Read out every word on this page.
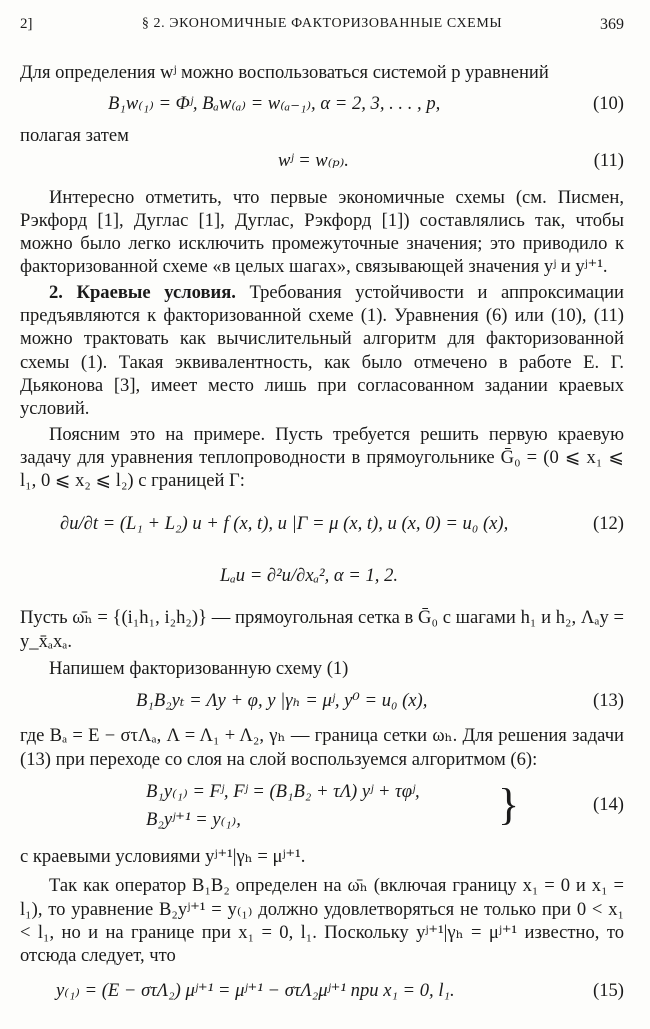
2]	§ 2. ЭКОНОМИЧНЫЕ ФАКТОРИЗОВАННЫЕ СХЕМЫ	369

Для определения wʲ можно воспользоваться системой p уравнений

B₁w₍₁₎ = Φʲ, Bₐw₍ₐ₎ = w₍ₐ₋₁₎, α = 2, 3, . . . , p,	(10)

полагая затем

wʲ = w₍ₚ₎.	(11)

Интересно отметить, что первые экономичные схемы (см. Писмен, Рэкфорд [1], Дуглас [1], Дуглас, Рэкфорд [1]) составлялись так, чтобы можно было легко исключить промежуточные значения; это приводило к факторизованной схеме «в целых шагах», связывающей значения yʲ и yʲ⁺¹.

2. Краевые условия. Требования устойчивости и аппроксимации предъявляются к факторизованной схеме (1). Уравнения (6) или (10), (11) можно трактовать как вычислительный алгоритм для факторизованной схемы (1). Такая эквивалентность, как было отмечено в работе Е. Г. Дьяконова [3], имеет место лишь при согласованном задании краевых условий.

Поясним это на примере. Пусть требуется решить первую краевую задачу для уравнения теплопроводности в прямоугольнике Ḡ₀ = (0 ⩽ x₁ ⩽ l₁, 0 ⩽ x₂ ⩽ l₂) с границей Γ:

∂u/∂t = (L₁ + L₂) u + f (x, t), u |Γ = μ (x, t), u (x, 0) = u₀ (x),	(12)
Lₐu = ∂²u/∂xₐ², α = 1, 2.

Пусть ω̄ₕ = {(i₁h₁, i₂h₂)} — прямоугольная сетка в Ḡ₀ с шагами h₁ и h₂, Λₐy = y_x̄ₐxₐ.

Напишем факторизованную схему (1)

B₁B₂yₜ = Λy + φ, y |γₕ = μʲ, y⁰ = u₀ (x),	(13)

где Bₐ = E − στΛₐ, Λ = Λ₁ + Λ₂, γₕ — граница сетки ωₕ. Для решения задачи (13) при переходе со слоя на слой воспользуемся алгоритмом (6):

B₁y₍₁₎ = Fʲ, Fʲ = (B₁B₂ + τΛ) yʲ + τφʲ,
B₂yʲ⁺¹ = y₍₁₎,	}	(14)

с краевыми условиями yʲ⁺¹|γₕ = μʲ⁺¹.

Так как оператор B₁B₂ определен на ω̄ₕ (включая границу x₁ = 0 и x₁ = l₁), то уравнение B₂yʲ⁺¹ = y₍₁₎ должно удовлетворяться не только при 0 < x₁ < l₁, но и на границе при x₁ = 0, l₁. Поскольку yʲ⁺¹|γₕ = μʲ⁺¹ известно, то отсюда следует, что

y₍₁₎ = (E − στΛ₂) μʲ⁺¹ = μʲ⁺¹ − στΛ₂μʲ⁺¹ при x₁ = 0, l₁.	(15)
